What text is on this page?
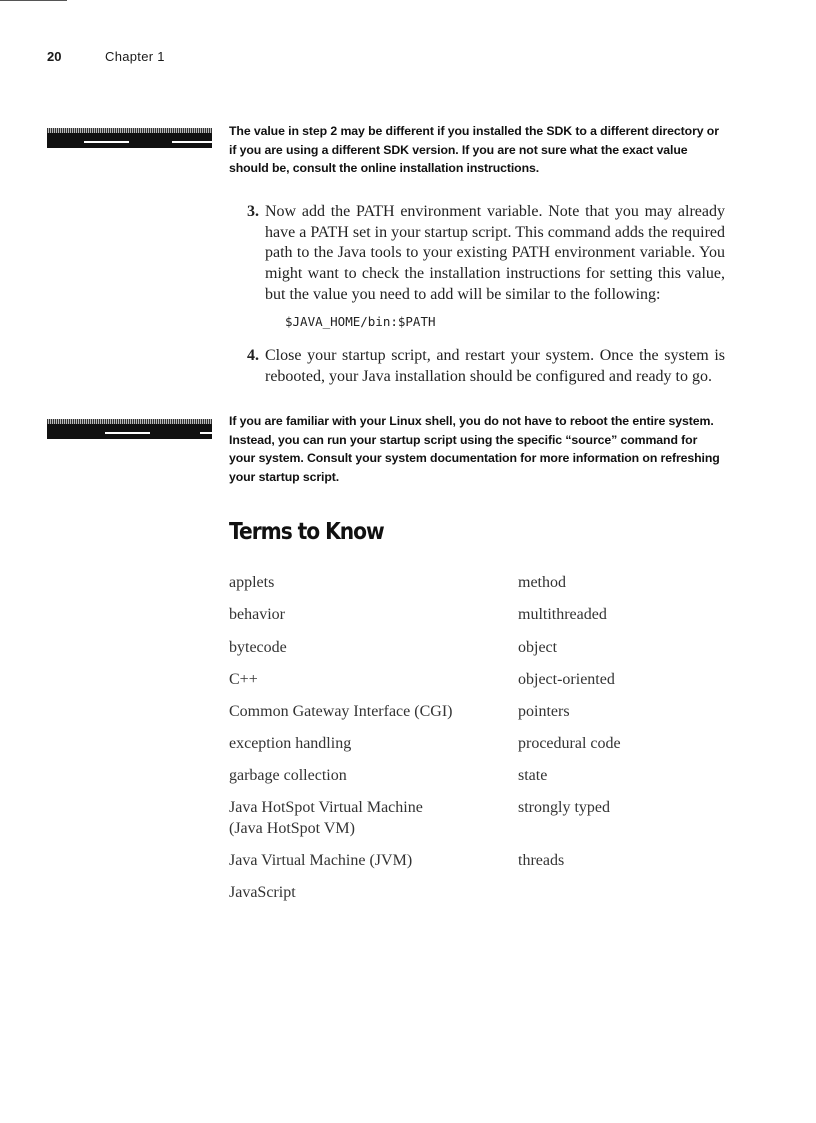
20	Chapter 1
The value in step 2 may be different if you installed the SDK to a different directory or if you are using a different SDK version. If you are not sure what the exact value should be, consult the online installation instructions.
3. Now add the PATH environment variable. Note that you may already have a PATH set in your startup script. This command adds the required path to the Java tools to your existing PATH environment variable. You might want to check the installation instructions for setting this value, but the value you need to add will be similar to the following:
$JAVA_HOME/bin:$PATH
4. Close your startup script, and restart your system. Once the system is rebooted, your Java installation should be configured and ready to go.
If you are familiar with your Linux shell, you do not have to reboot the entire system. Instead, you can run your startup script using the specific “source” command for your system. Consult your system documentation for more information on refreshing your startup script.
Terms to Know
applets	method
behavior	multithreaded
bytecode	object
C++	object-oriented
Common Gateway Interface (CGI)	pointers
exception handling	procedural code
garbage collection	state
Java HotSpot Virtual Machine	strongly typed
(Java HotSpot VM)
Java Virtual Machine (JVM)	threads
JavaScript
